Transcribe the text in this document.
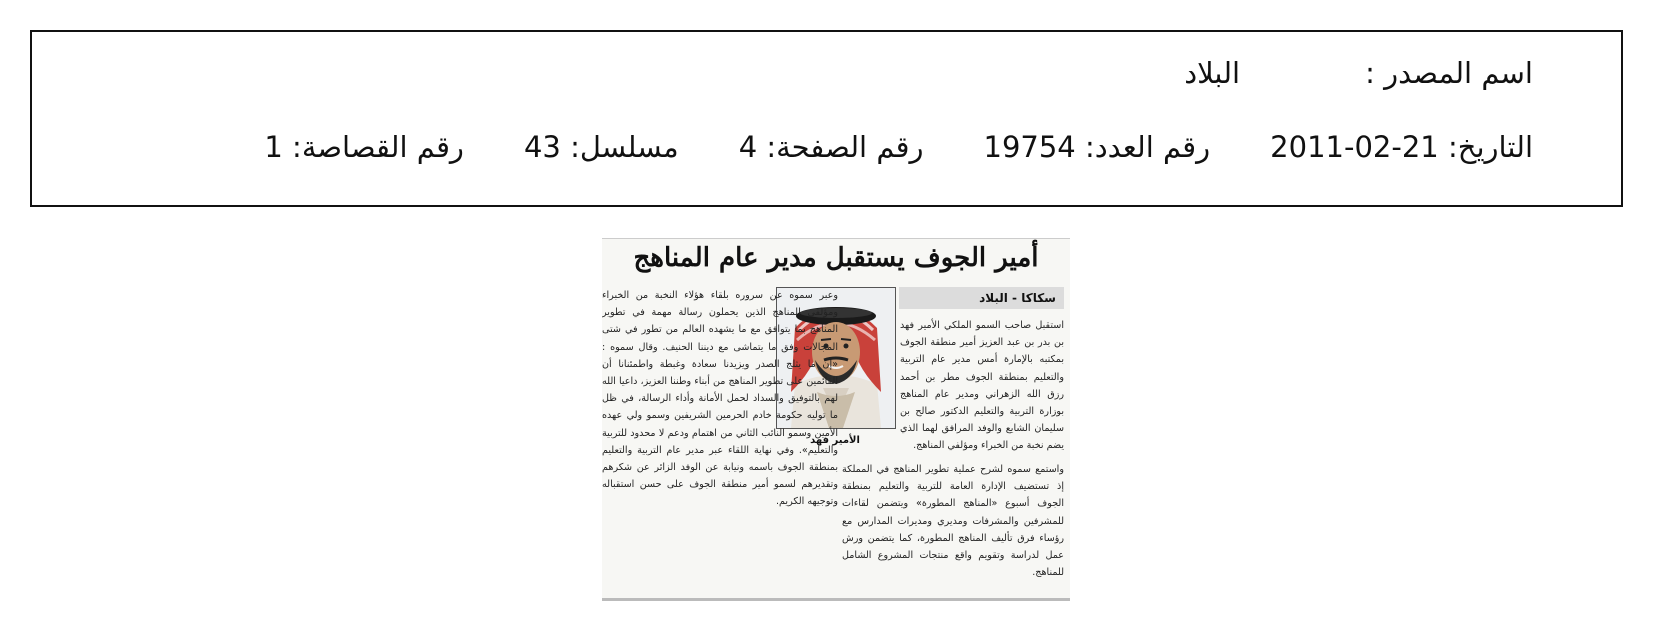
اسم المصدر :البلاد
التاريخ: 21-02-2011رقم العدد: 19754رقم الصفحة: 4مسلسل: 43رقم القصاصة: 1
أمير الجوف يستقبل مدير عام المناهج
سكاكا - البلاد
الأمير فهد

استقبل صاحب السمو الملكي الأمير فهد بن بدر بن عبد العزيز أمير منطقة الجوف بمكتبه بالإمارة أمس مدير عام التربية والتعليم بمنطقة الجوف مطر بن أحمد رزق الله الزهراني ومدير عام المناهج بوزارة التربية والتعليم الدكتور صالح بن سليمان الشايع والوفد المرافق لهما الذي يضم نخبة من الخبراء ومؤلفي المناهج.

واستمع سموه لشرح عملية تطوير المناهج في المملكة إذ تستضيف الإدارة العامة للتربية والتعليم بمنطقة الجوف أسبوع «المناهج المطورة» ويتضمن لقاءات للمشرفين والمشرفات ومديري ومديرات المدارس مع رؤساء فرق تأليف المناهج المطورة، كما يتضمن ورش عمل لدراسة وتقويم واقع منتجات المشروع الشامل للمناهج.

وعبر سموه عن سروره بلقاء هؤلاء النخبة من الخبراء ومؤلفي المناهج الذين يحملون رسالة مهمة في تطوير المناهج بما يتوافق مع ما يشهده العالم من تطور في شتى المجالات وفق ما يتماشى مع ديننا الحنيف. وقال سموه : «إن ما يثلج الصدر ويزيدنا سعادة وغبطة واطمئنانا أن القائمين على تطوير المناهج من أبناء وطننا العزيز، داعيا الله لهم بالتوفيق والسداد لحمل الأمانة وأداء الرسالة، في ظل ما توليه حكومة خادم الحرمين الشريفين وسمو ولي عهده الأمين وسمو النائب الثاني من اهتمام ودعم لا محدود للتربية والتعليم». وفي نهاية اللقاء عبر مدير عام التربية والتعليم بمنطقة الجوف باسمه ونيابة عن الوفد الزائر عن شكرهم وتقديرهم لسمو أمير منطقة الجوف على حسن استقباله وتوجيهه الكريم.
